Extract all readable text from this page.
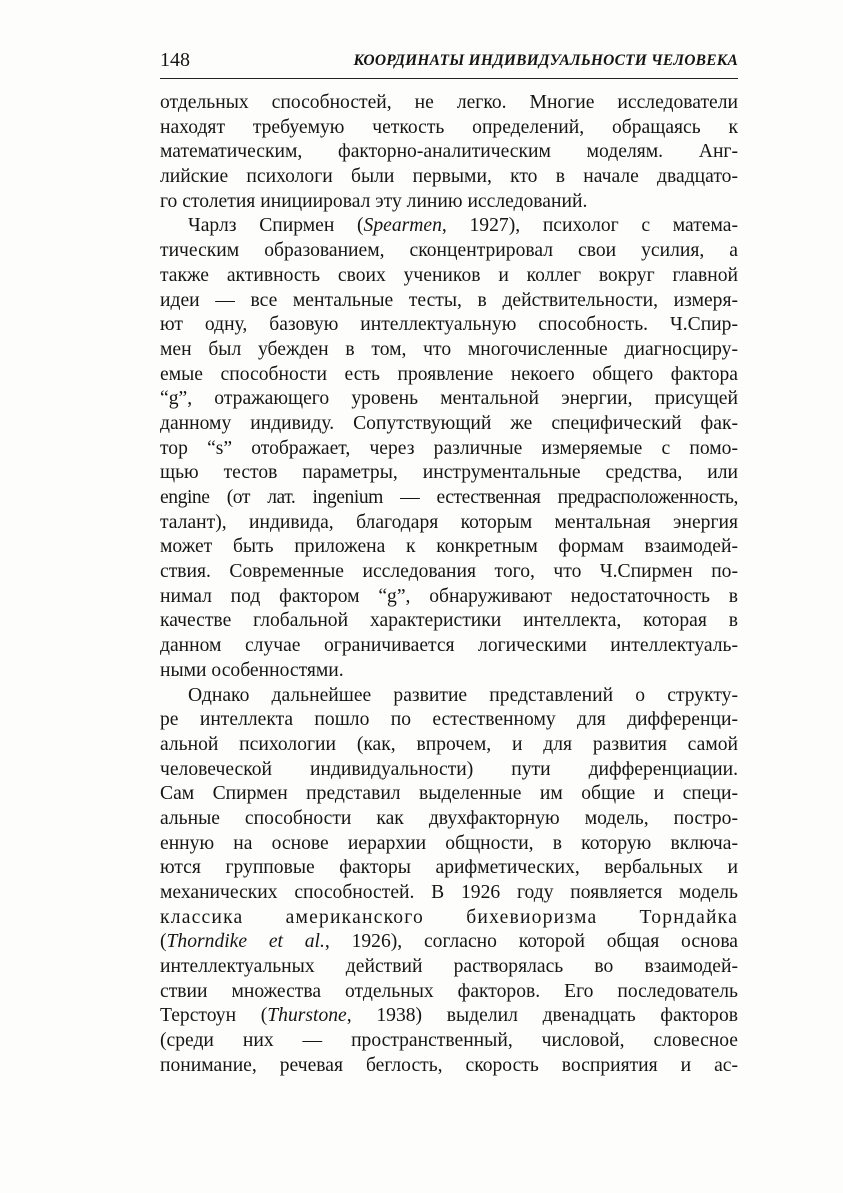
148	КООРДИНАТЫ ИНДИВИДУАЛЬНОСТИ ЧЕЛОВЕКА
отдельных способностей, не легко. Многие исследователи
находят требуемую четкость определений, обращаясь к
математическим, факторно-аналитическим моделям. Анг-
лийские психологи были первыми, кто в начале двадцато-
го столетия инициировал эту линию исследований.
Чарлз Спирмен (Spearmen, 1927), психолог с матема-
тическим образованием, сконцентрировал свои усилия, а
также активность своих учеников и коллег вокруг главной
идеи — все ментальные тесты, в действительности, измеря-
ют одну, базовую интеллектуальную способность. Ч.Спир-
мен был убежден в том, что многочисленные диагносциру-
емые способности есть проявление некоего общего фактора
“g”, отражающего уровень ментальной энергии, присущей
данному индивиду. Сопутствующий же специфический фак-
тор “s” отображает, через различные измеряемые с помо-
щью тестов параметры, инструментальные средства, или
engine (от лат. ingenium — естественная предрасположенность,
талант), индивида, благодаря которым ментальная энергия
может быть приложена к конкретным формам взаимодей-
ствия. Современные исследования того, что Ч.Спирмен по-
нимал под фактором “g”, обнаруживают недостаточность в
качестве глобальной характеристики интеллекта, которая в
данном случае ограничивается логическими интеллектуаль-
ными особенностями.
Однако дальнейшее развитие представлений о структу-
ре интеллекта пошло по естественному для дифференци-
альной психологии (как, впрочем, и для развития самой
человеческой индивидуальности) пути дифференциации.
Сам Спирмен представил выделенные им общие и специ-
альные способности как двухфакторную модель, постро-
енную на основе иерархии общности, в которую включа-
ются групповые факторы арифметических, вербальных и
механических способностей. В 1926 году появляется модель
классика американского бихевиоризма Торндайка
(Thorndike et al., 1926), согласно которой общая основа
интеллектуальных действий растворялась во взаимодей-
ствии множества отдельных факторов. Его последователь
Терстоун (Thurstone, 1938) выделил двенадцать факторов
(среди них — пространственный, числовой, словесное
понимание, речевая беглость, скорость восприятия и ас-
